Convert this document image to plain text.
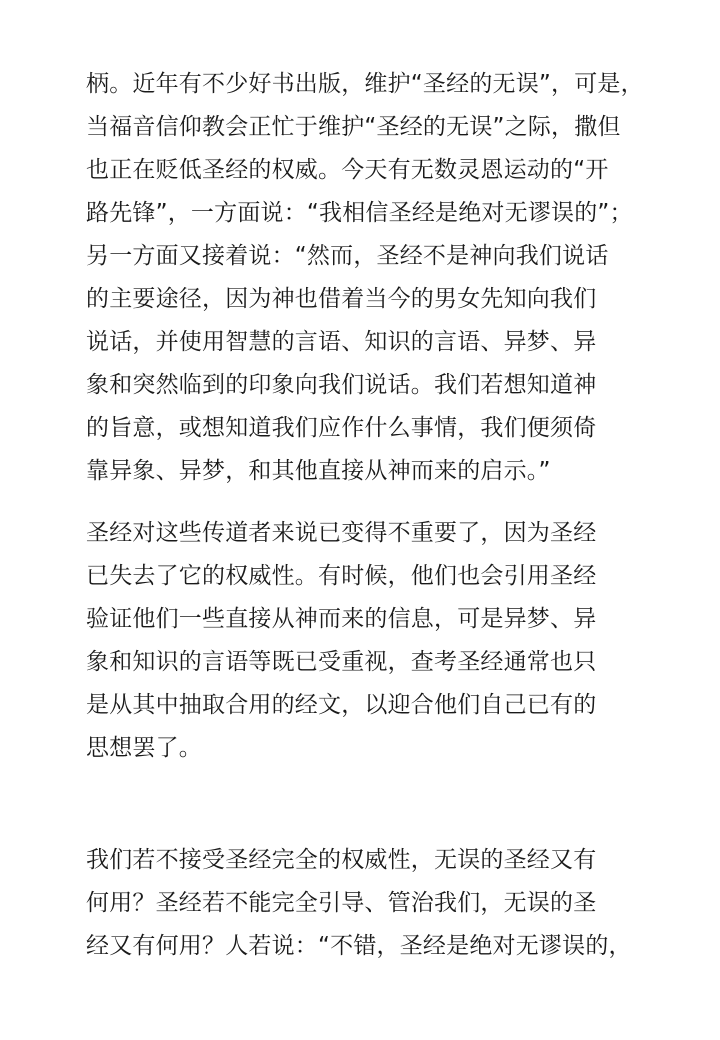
柄。近年有不少好书出版，维护“圣经的无误”，可是，
当福音信仰教会正忙于维护“圣经的无误”之际，撒但
也正在贬低圣经的权威。今天有无数灵恩运动的“开
路先锋”，一方面说：“我相信圣经是绝对无谬误的”；
另一方面又接着说：“然而，圣经不是神向我们说话
的主要途径，因为神也借着当今的男女先知向我们
说话，并使用智慧的言语、知识的言语、异梦、异
象和突然临到的印象向我们说话。我们若想知道神
的旨意，或想知道我们应作什么事情，我们便须倚
靠异象、异梦，和其他直接从神而来的启示。”
圣经对这些传道者来说已变得不重要了，因为圣经
已失去了它的权威性。有时候，他们也会引用圣经
验证他们一些直接从神而来的信息，可是异梦、异
象和知识的言语等既已受重视，查考圣经通常也只
是从其中抽取合用的经文，以迎合他们自己已有的
思想罢了。
我们若不接受圣经完全的权威性，无误的圣经又有
何用？圣经若不能完全引导、管治我们，无误的圣
经又有何用？人若说：“不错，圣经是绝对无谬误的，
